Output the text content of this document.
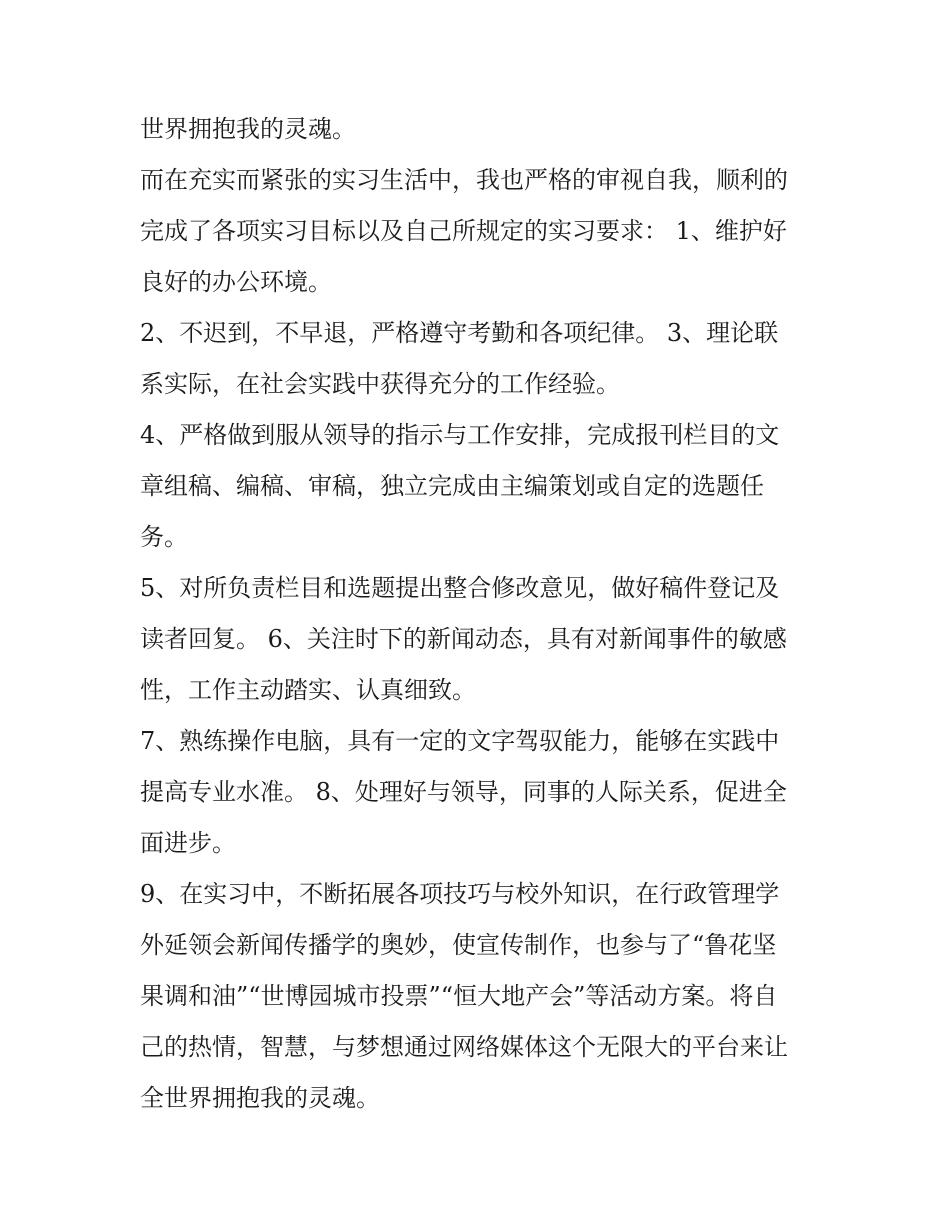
世界拥抱我的灵魂。
而在充实而紧张的实习生活中，我也严格的审视自我，顺利的
完成了各项实习目标以及自己所规定的实习要求： 1、维护好
良好的办公环境。
2、不迟到，不早退，严格遵守考勤和各项纪律。 3、理论联
系实际，在社会实践中获得充分的工作经验。
4、严格做到服从领导的指示与工作安排，完成报刊栏目的文
章组稿、编稿、审稿，独立完成由主编策划或自定的选题任
务。
5、对所负责栏目和选题提出整合修改意见，做好稿件登记及
读者回复。 6、关注时下的新闻动态，具有对新闻事件的敏感
性，工作主动踏实、认真细致。
7、熟练操作电脑，具有一定的文字驾驭能力，能够在实践中
提高专业水准。 8、处理好与领导，同事的人际关系，促进全
面进步。
9、在实习中，不断拓展各项技巧与校外知识，在行政管理学
外延领会新闻传播学的奥妙，使宣传制作，也参与了“鲁花坚
果调和油”“世博园城市投票”“恒大地产会”等活动方案。将自
己的热情，智慧，与梦想通过网络媒体这个无限大的平台来让
全世界拥抱我的灵魂。
